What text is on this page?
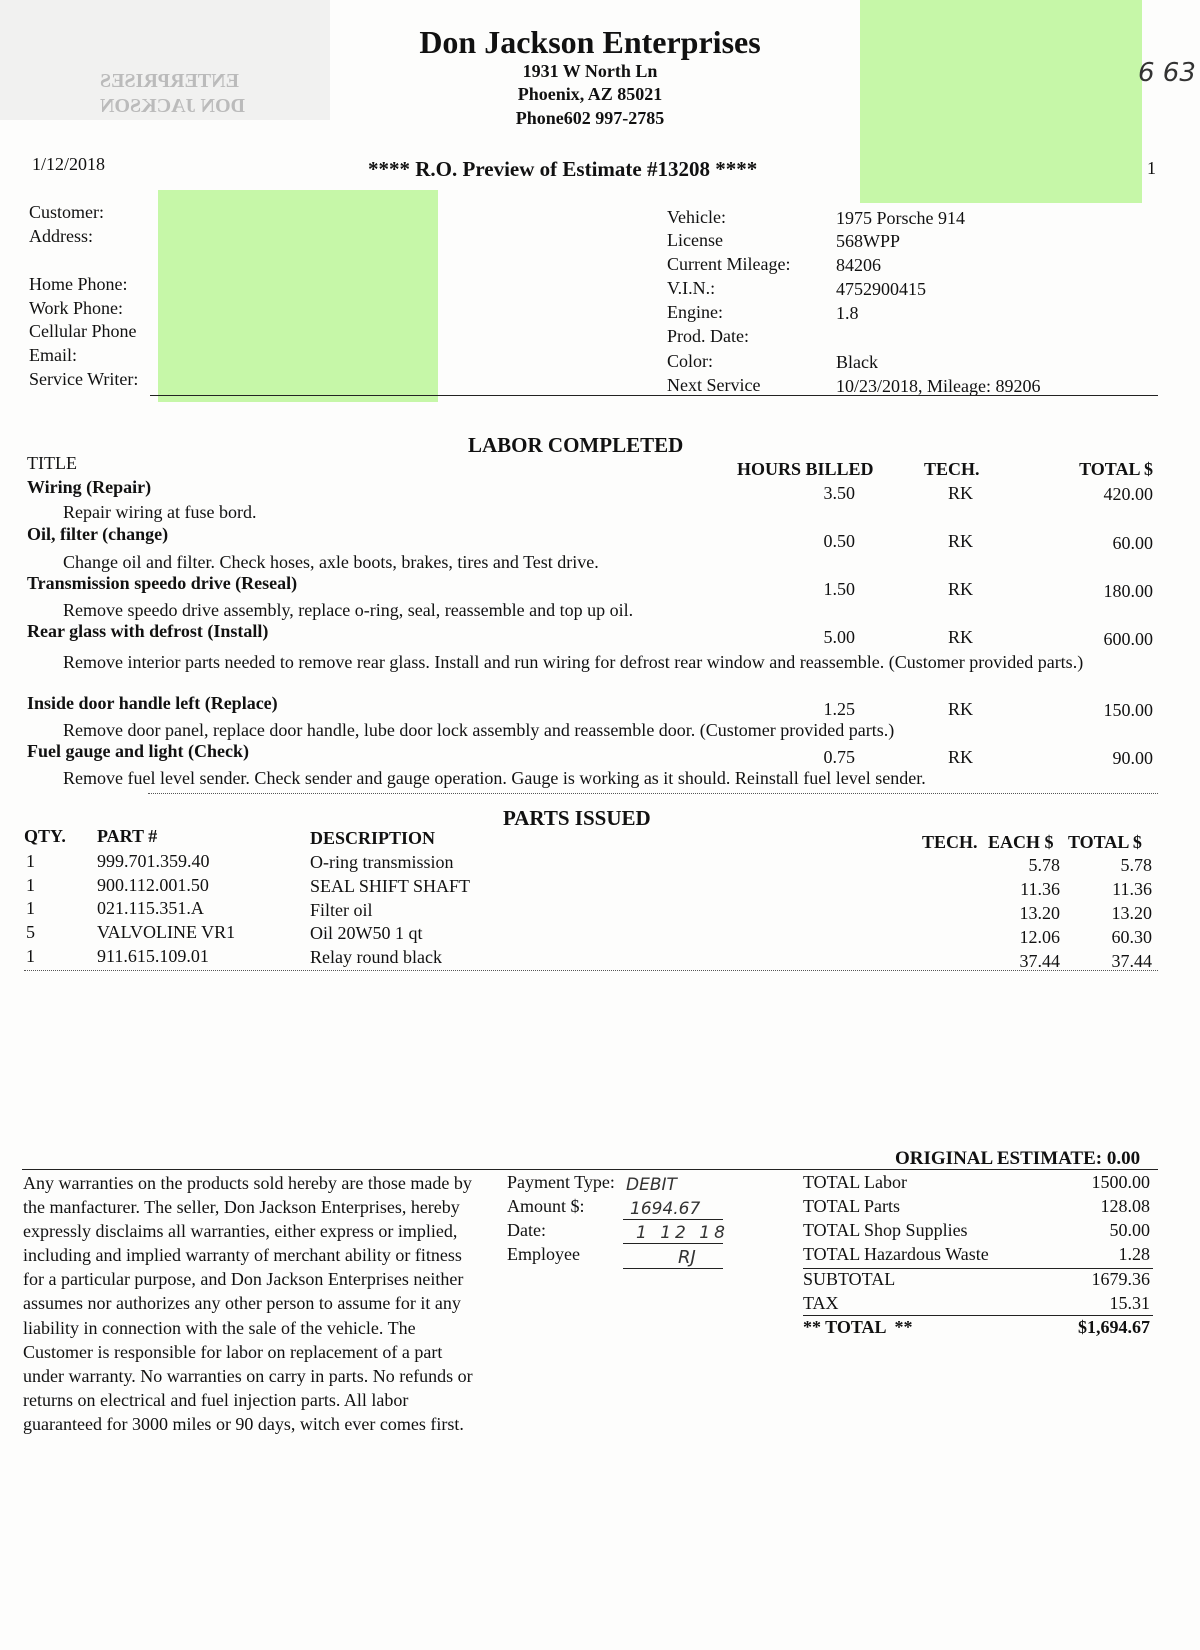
ENTERPRISES
DON JACKSON
6 63
1
Don Jackson Enterprises
1931 W North Ln
Phoenix, AZ 85021
Phone602 997-2785
1/12/2018	**** R.O. Preview of Estimate #13208 ****
Customer:
Address:
Home Phone:
Work Phone:
Cellular Phone
Email:
Service Writer:
Vehicle:	1975 Porsche 914
License	568WPP
Current Mileage:	84206
V.I.N.:	4752900415
Engine:	1.8
Prod. Date:
Color:	Black
Next Service	10/23/2018, Mileage: 89206
LABOR COMPLETED
TITLE	HOURS BILLED	TECH.	TOTAL $
Wiring (Repair)	3.50	RK	420.00
Repair wiring at fuse bord.
Oil, filter (change)	0.50	RK	60.00
Change oil and filter. Check hoses, axle boots, brakes, tires and Test drive.
Transmission speedo drive (Reseal)	1.50	RK	180.00
Remove speedo drive assembly, replace o-ring, seal, reassemble and top up oil.
Rear glass with defrost (Install)	5.00	RK	600.00
Remove interior parts needed to remove rear glass. Install and run wiring for defrost rear window and reassemble. (Customer provided parts.)
Inside door handle left (Replace)	1.25	RK	150.00
Remove door panel, replace door handle, lube door lock assembly and reassemble door. (Customer provided parts.)
Fuel gauge and light (Check)	0.75	RK	90.00
Remove fuel level sender. Check sender and gauge operation. Gauge is working as it should. Reinstall fuel level sender.
PARTS ISSUED
QTY. PART #	DESCRIPTION	TECH. EACH $ TOTAL $
1	999.701.359.40	O-ring transmission	5.78	5.78
1	900.112.001.50	SEAL SHIFT SHAFT	11.36	11.36
1	021.115.351.A	Filter oil	13.20	13.20
5	VALVOLINE VR1	Oil 20W50 1 qt	12.06	60.30
1	911.615.109.01	Relay round black	37.44	37.44
ORIGINAL ESTIMATE: 0.00
Any warranties on the products sold hereby are those made by the manfacturer. The seller, Don Jackson Enterprises, hereby expressly disclaims all warranties, either express or implied, including and implied warranty of merchant ability or fitness for a particular purpose, and Don Jackson Enterprises neither assumes nor authorizes any other person to assume for it any liability in connection with the sale of the vehicle. The Customer is responsible for labor on replacement of a part under warranty. No warranties on carry in parts. No refunds or returns on electrical and fuel injection parts. All labor guaranteed for 3000 miles or 90 days, witch ever comes first.
Payment Type: DEBIT
Amount $:	1694.67
Date:	1 12 18
Employee	RJ
TOTAL Labor	1500.00
TOTAL Parts	128.08
TOTAL Shop Supplies	50.00
TOTAL Hazardous Waste	1.28
SUBTOTAL	1679.36
TAX	15.31
** TOTAL  **	$1,694.67
